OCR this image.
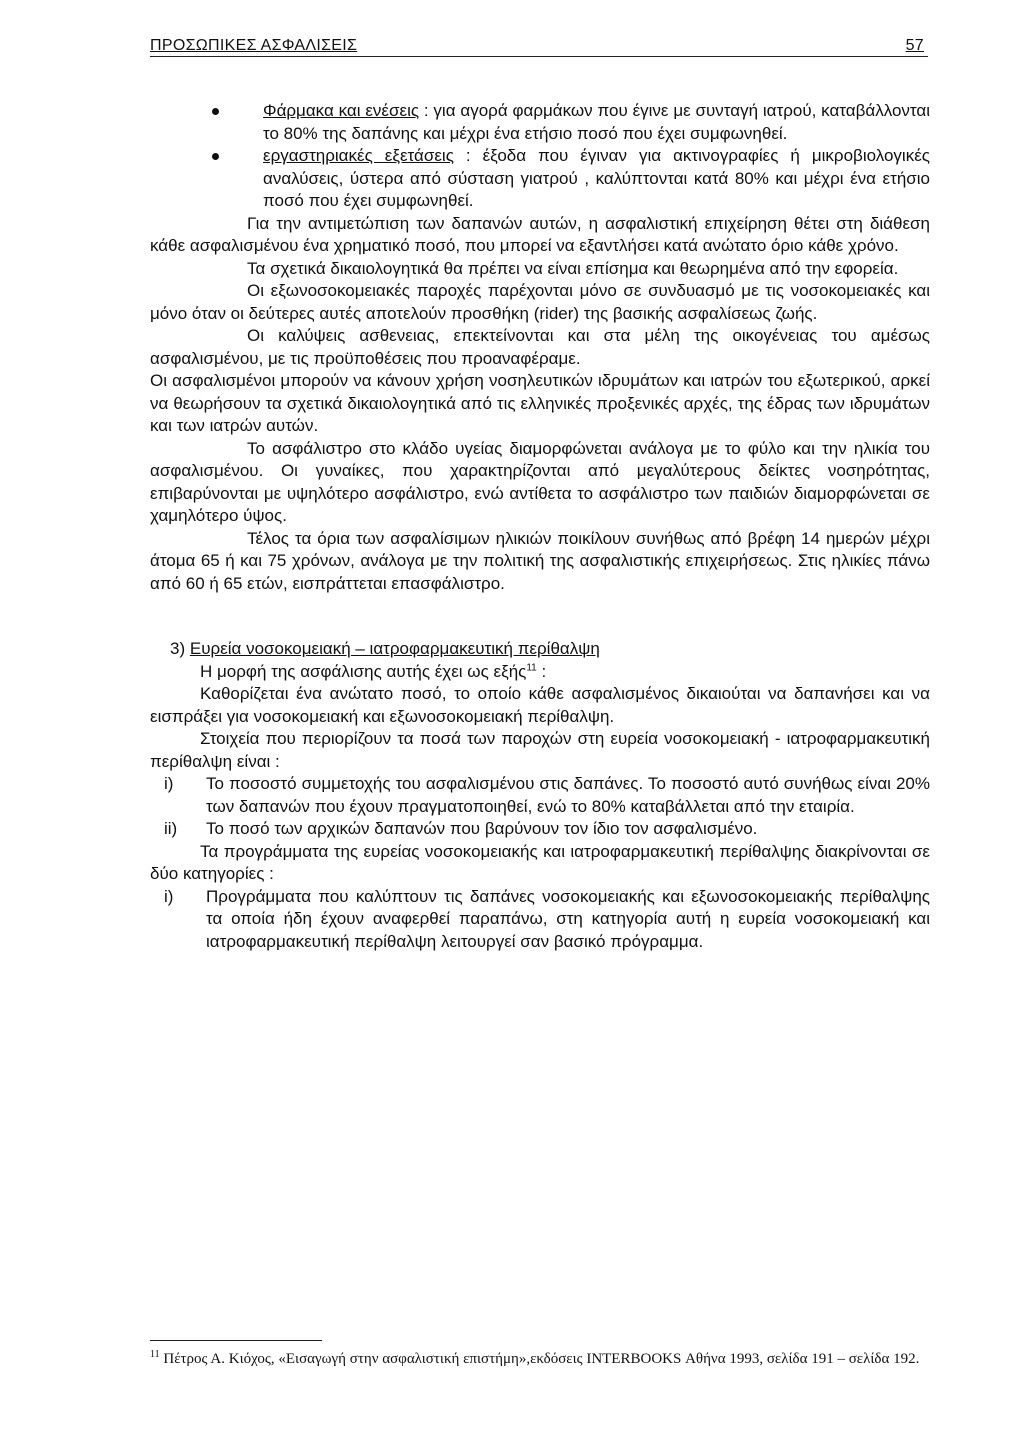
ΠΡΟΣΩΠΙΚΕΣ ΑΣΦΑΛΙΣΕΙΣ	57
Φάρμακα και ενέσεις : για αγορά φαρμάκων που έγινε με συνταγή ιατρού, καταβάλλονται το 80% της δαπάνης και μέχρι ένα ετήσιο ποσό που έχει συμφωνηθεί.
εργαστηριακές εξετάσεις : έξοδα που έγιναν για ακτινογραφίες ή μικροβιολογικές αναλύσεις, ύστερα από σύσταση γιατρού , καλύπτονται κατά 80% και μέχρι ένα ετήσιο ποσό που έχει συμφωνηθεί.

Για την αντιμετώπιση των δαπανών αυτών, η ασφαλιστική επιχείρηση θέτει στη διάθεση κάθε ασφαλισμένου ένα χρηματικό ποσό, που μπορεί να εξαντλήσει κατά ανώτατο όριο κάθε χρόνο.

Τα σχετικά δικαιολογητικά θα πρέπει να είναι επίσημα και θεωρημένα από την εφορεία.

Οι εξωνοσοκομειακές παροχές παρέχονται μόνο σε συνδυασμό με τις νοσοκομειακές και μόνο όταν οι δεύτερες αυτές αποτελούν προσθήκη (rider) της βασικής ασφαλίσεως ζωής.

Οι καλύψεις ασθενειας, επεκτείνονται και στα μέλη της οικογένειας του αμέσως ασφαλισμένου, με τις προϋποθέσεις που προαναφέραμε.

Οι ασφαλισμένοι μπορούν να κάνουν χρήση νοσηλευτικών ιδρυμάτων και ιατρών του εξωτερικού, αρκεί να θεωρήσουν τα σχετικά δικαιολογητικά από τις ελληνικές προξενικές αρχές, της έδρας των ιδρυμάτων και των ιατρών αυτών.

Το ασφάλιστρο στο κλάδο υγείας διαμορφώνεται ανάλογα με το φύλο και την ηλικία του ασφαλισμένου. Οι γυναίκες, που χαρακτηρίζονται από μεγαλύτερους δείκτες νοσηρότητας, επιβαρύνονται με υψηλότερο ασφάλιστρο, ενώ αντίθετα το ασφάλιστρο των παιδιών διαμορφώνεται σε χαμηλότερο ύψος.

Τέλος τα όρια των ασφαλίσιμων ηλικιών ποικίλουν συνήθως από βρέφη 14 ημερών μέχρι άτομα 65 ή και 75 χρόνων, ανάλογα με την πολιτική της ασφαλιστικής επιχειρήσεως. Στις ηλικίες πάνω από 60 ή 65 ετών, εισπράττεται επασφάλιστρο.

3) Ευρεία νοσοκομειακή – ιατροφαρμακευτική περίθαλψη

Η μορφή της ασφάλισης αυτής έχει ως εξής$^{11}$ :

Καθορίζεται ένα ανώτατο ποσό, το οποίο κάθε ασφαλισμένος δικαιούται να δαπανήσει και να εισπράξει για νοσοκομειακή και εξωνοσοκομειακή περίθαλψη.

Στοιχεία που περιορίζουν τα ποσά των παροχών στη ευρεία νοσοκομειακή - ιατροφαρμακευτική περίθαλψη είναι :

i) Το ποσοστό συμμετοχής του ασφαλισμένου στις δαπάνες. Το ποσοστό αυτό συνήθως είναι 20% των δαπανών που έχουν πραγματοποιηθεί, ενώ το 80% καταβάλλεται από την εταιρία.

ii) Το ποσό των αρχικών δαπανών που βαρύνουν τον ίδιο τον ασφαλισμένο.

Τα προγράμματα της ευρείας νοσοκομειακής και ιατροφαρμακευτική περίθαλψης διακρίνονται σε δύο κατηγορίες :

i) Προγράμματα που καλύπτουν τις δαπάνες νοσοκομειακής και εξωνοσοκομειακής περίθαλψης τα οποία ήδη έχουν αναφερθεί παραπάνω, στη κατηγορία αυτή η ευρεία νοσοκομειακή και ιατροφαρμακευτική περίθαλψη λειτουργεί σαν βασικό πρόγραμμα.

$^{11}$ Πέτρος Α. Κιόχος, «Εισαγωγή στην ασφαλιστική επιστήμη»,εκδόσεις INTERBOOKS Αθήνα 1993, σελίδα 191 – σελίδα 192.
